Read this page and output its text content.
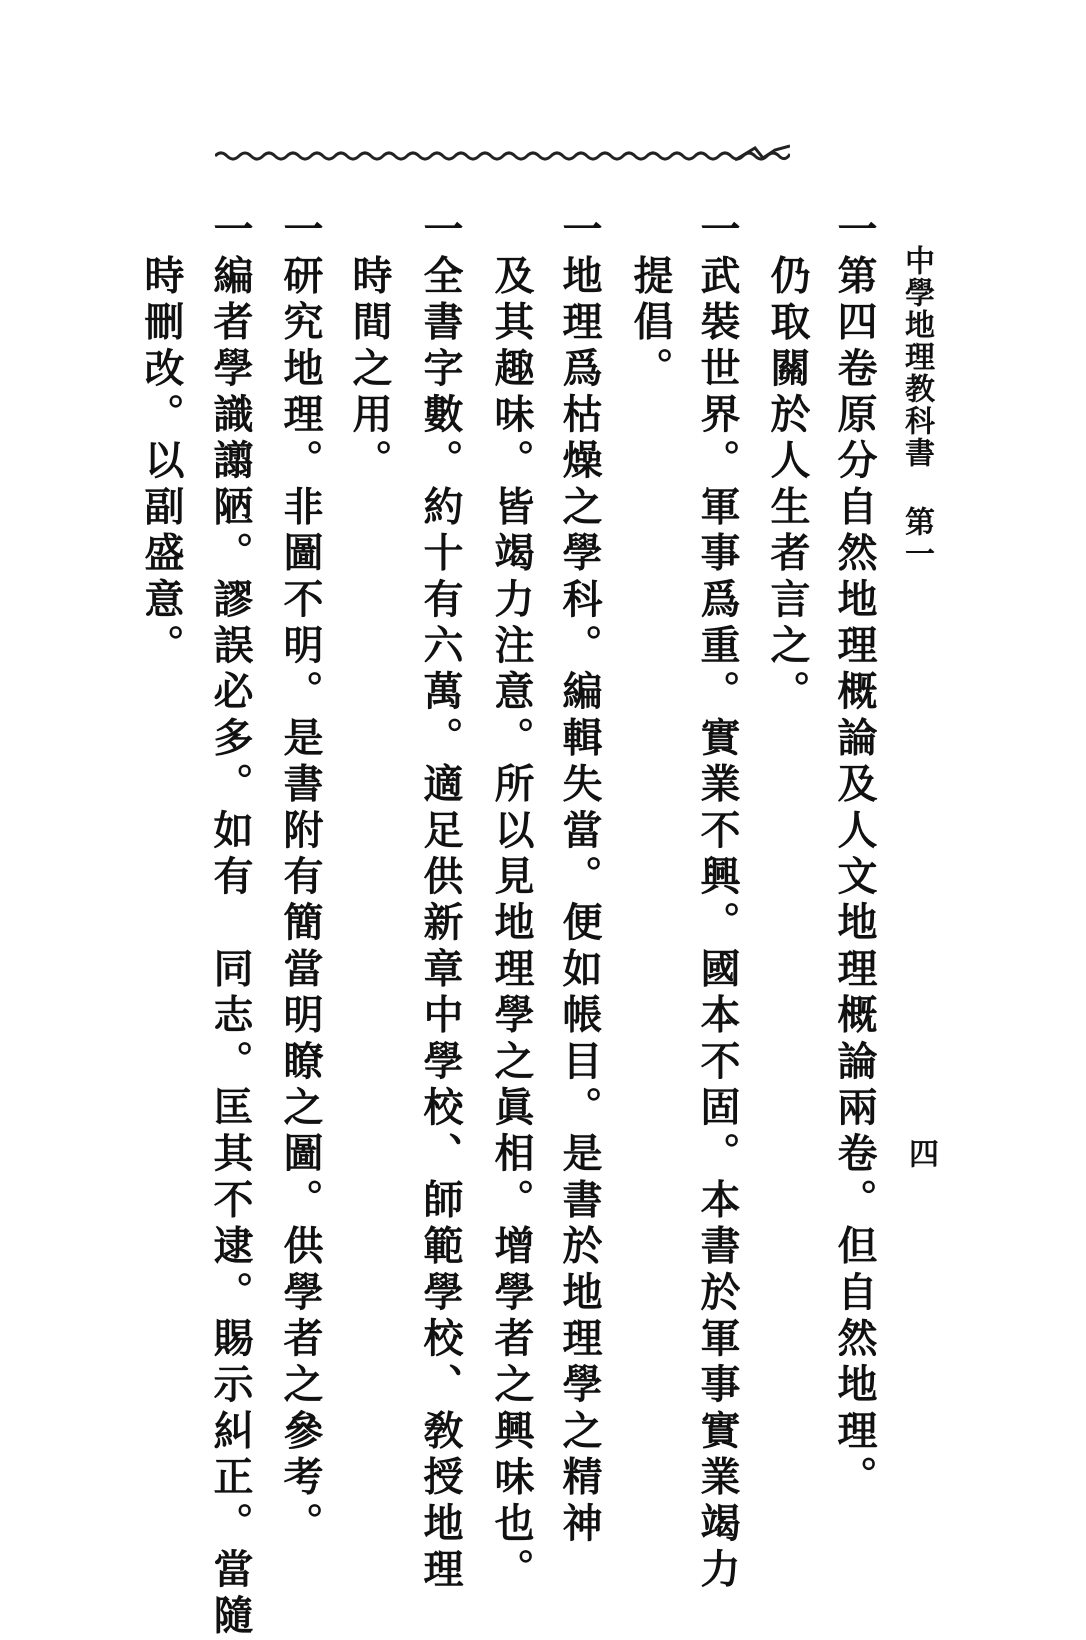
中學地理教科書 第一
四
一第四卷原分自然地理概論及人文地理概論兩卷。但自然地理。
　仍取關於人生者言之。
一武裝世界。軍事爲重。實業不興。國本不固。本書於軍事實業竭力
　提倡。
一地理爲枯燥之學科。編輯失當。便如帳目。是書於地理學之精神
　及其趣味。皆竭力注意。所以見地理學之眞相。增學者之興味也。
一全書字數。約十有六萬。適足供新章中學校、師範學校、敎授地理
　時間之用。
一研究地理。非圖不明。是書附有簡當明瞭之圖。供學者之參考。
一編者學識譾陋。謬誤必多。如有　同志。匡其不逮。賜示糾正。當隨
　時刪改。以副盛意。
